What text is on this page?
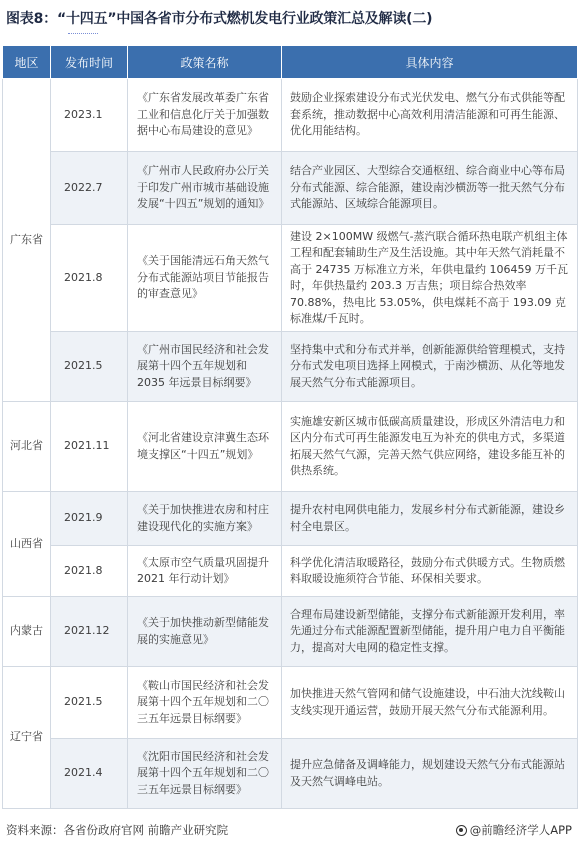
图表8：“十四五”中国各省市分布式燃机发电行业政策汇总及解读(二)
地区	发布时间	政策名称	具体内容
广东省	2023.1	《广东省发展改革委广东省工业和信息化厅关于加强数据中心布局建设的意见》	鼓励企业探索建设分布式光伏发电、燃气分布式供能等配套系统，推动数据中心高效利用清洁能源和可再生能源、优化用能结构。
	2022.7	《广州市人民政府办公厅关于印发广州市城市基础设施发展“十四五”规划的通知》	结合产业园区、大型综合交通枢纽、综合商业中心等布局分布式能源、综合能源，建设南沙横沥等一批天然气分布式能源站、区域综合能源项目。
	2021.8	《关于国能清远石角天然气分布式能源站项目节能报告的审查意见》	建设 2×100MW 级燃气-蒸汽联合循环热电联产机组主体工程和配套辅助生产及生活设施。其中年天然气消耗量不高于 24735 万标准立方米，年供电量约 106459 万千瓦时，年供热量约 203.3 万吉焦；项目综合热效率 70.88%，热电比 53.05%，供电煤耗不高于 193.09 克标准煤/千瓦时。
	2021.5	《广州市国民经济和社会发展第十四个五年规划和 2035 年远景目标纲要》	坚持集中式和分布式并举，创新能源供给管理模式，支持分布式发电项目选择上网模式，于南沙横沥、从化等地发展天然气分布式能源项目。
河北省	2021.11	《河北省建设京津冀生态环境支撑区“十四五”规划》	实施雄安新区城市低碳高质量建设，形成区外清洁电力和区内分布式可再生能源发电互为补充的供电方式，多渠道拓展天然气气源，完善天然气供应网络，建设多能互补的供热系统。
山西省	2021.9	《关于加快推进农房和村庄建设现代化的实施方案》	提升农村电网供电能力，发展乡村分布式新能源，建设乡村全电景区。
	2021.8	《太原市空气质量巩固提升 2021 年行动计划》	科学优化清洁取暖路径，鼓励分布式供暖方式。生物质燃料取暖设施须符合节能、环保相关要求。
内蒙古	2021.12	《关于加快推动新型储能发展的实施意见》	合理布局建设新型储能，支撑分布式新能源开发利用，率先通过分布式能源配置新型储能，提升用户电力自平衡能力，提高对大电网的稳定性支撑。
辽宁省	2021.5	《鞍山市国民经济和社会发展第十四个五年规划和二〇三五年远景目标纲要》	加快推进天然气管网和储气设施建设，中石油大沈线鞍山支线实现开通运营，鼓励开展天然气分布式能源利用。
	2021.4	《沈阳市国民经济和社会发展第十四个五年规划和二〇三五年远景目标纲要》	提升应急储备及调峰能力，规划建设天然气分布式能源站及天然气调峰电站。
资料来源：各省份政府官网 前瞻产业研究院	@前瞻经济学人APP
